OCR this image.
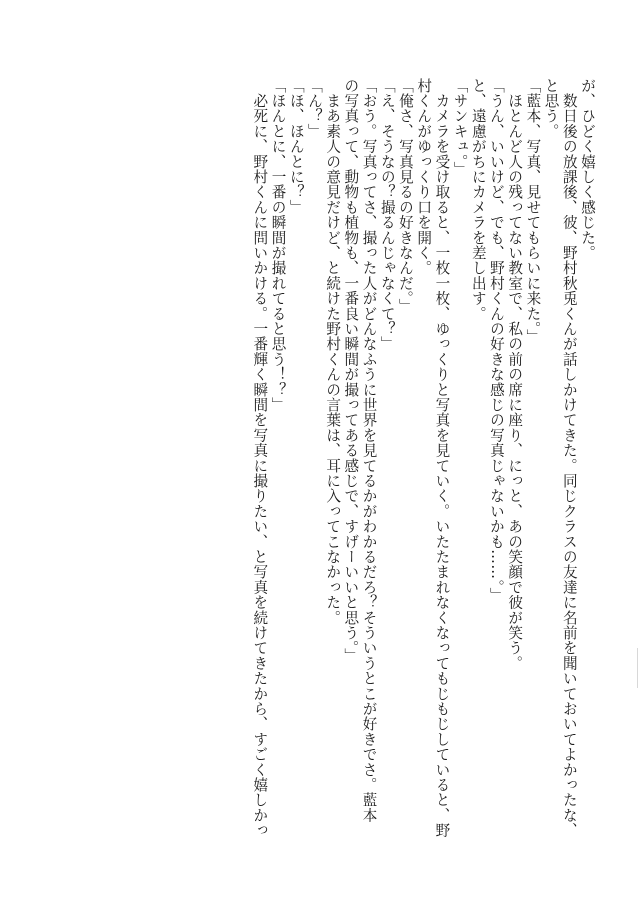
が、ひどく嬉しく感じた。
　数日後の放課後、彼、野村秋兎くんが話しかけてきた。同じクラスの友達に名前を聞いておいてよかったな、
と思う。
「藍本、写真、見せてもらいに来た。」
　ほとんど人の残ってない教室で、私の前の席に座り、にっと、あの笑顔で彼が笑う。
「うん、いいけど、でも、野村くんの好きな感じの写真じゃないかも……。」
と、遠慮がちにカメラを差し出す。
「サンキュ。」
　カメラを受け取ると、一枚一枚、ゆっくりと写真を見ていく。いたたまれなくなってもじもじしていると、野
村くんがゆっくり口を開く。
「俺さ、写真見るの好きなんだ。」
「え、そうなの？撮るんじゃなくて？」
「おう。写真ってさ、撮った人がどんなふうに世界を見てるかがわかるだろ？そういうとこが好きでさ。藍本
の写真って、動物も植物も、一番良い瞬間が撮ってある感じで、すげーいいと思う。」
　まあ素人の意見だけど、と続けた野村くんの言葉は、耳に入ってこなかった。
「ん？」
「ほ、ほんとに？」
「ほんとに、一番の瞬間が撮れてると思う！？」
　必死に、野村くんに問いかける。一番輝く瞬間を写真に撮りたい、と写真を続けてきたから、すごく嬉しかっ
